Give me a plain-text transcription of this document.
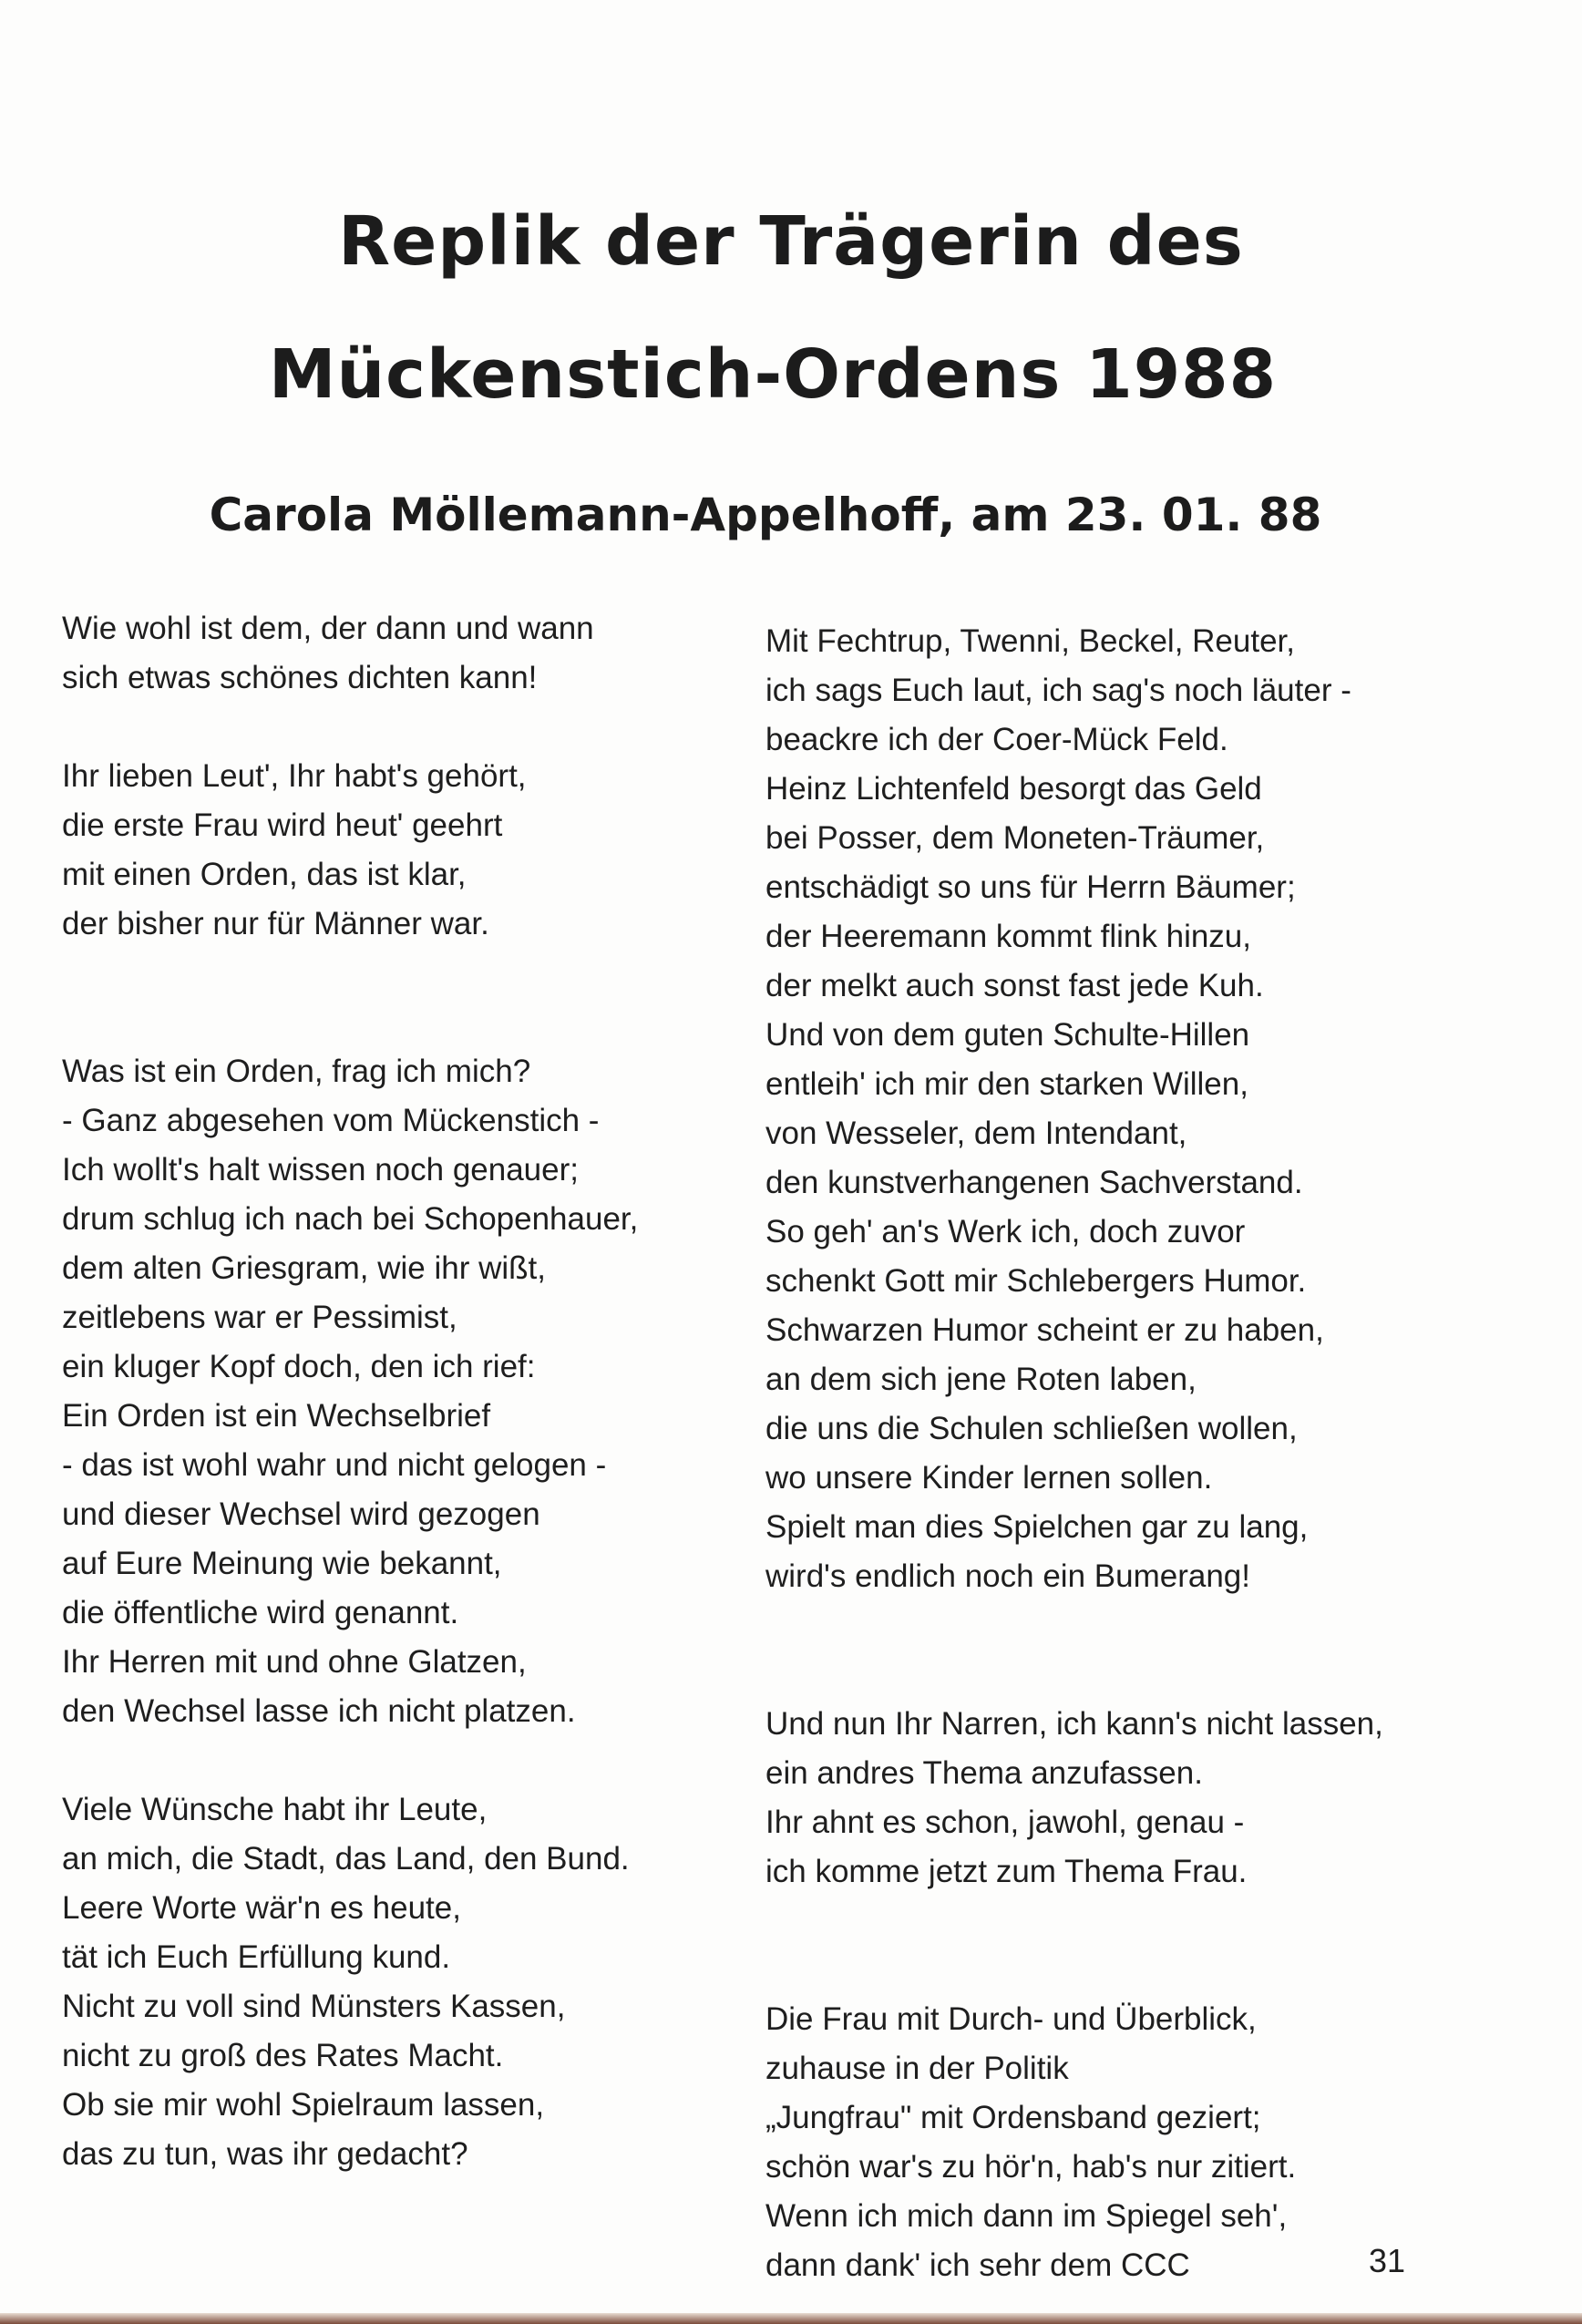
Replik der Trägerin des
Mückenstich-Ordens 1988
Carola Möllemann-Appelhoff, am 23. 01. 88
Wie wohl ist dem, der dann und wann
sich etwas schönes dichten kann!
Ihr lieben Leut', Ihr habt's gehört,
die erste Frau wird heut' geehrt
mit einen Orden, das ist klar,
der bisher nur für Männer war.
Was ist ein Orden, frag ich mich?
- Ganz abgesehen vom Mückenstich -
Ich wollt's halt wissen noch genauer;
drum schlug ich nach bei Schopenhauer,
dem alten Griesgram, wie ihr wißt,
zeitlebens war er Pessimist,
ein kluger Kopf doch, den ich rief:
Ein Orden ist ein Wechselbrief
- das ist wohl wahr und nicht gelogen -
und dieser Wechsel wird gezogen
auf Eure Meinung wie bekannt,
die öffentliche wird genannt.
Ihr Herren mit und ohne Glatzen,
den Wechsel lasse ich nicht platzen.
Viele Wünsche habt ihr Leute,
an mich, die Stadt, das Land, den Bund.
Leere Worte wär'n es heute,
tät ich Euch Erfüllung kund.
Nicht zu voll sind Münsters Kassen,
nicht zu groß des Rates Macht.
Ob sie mir wohl Spielraum lassen,
das zu tun, was ihr gedacht?
Mit Fechtrup, Twenni, Beckel, Reuter,
ich sags Euch laut, ich sag's noch läuter -
beackre ich der Coer-Mück Feld.
Heinz Lichtenfeld besorgt das Geld
bei Posser, dem Moneten-Träumer,
entschädigt so uns für Herrn Bäumer;
der Heeremann kommt flink hinzu,
der melkt auch sonst fast jede Kuh.
Und von dem guten Schulte-Hillen
entleih' ich mir den starken Willen,
von Wesseler, dem Intendant,
den kunstverhangenen Sachverstand.
So geh' an's Werk ich, doch zuvor
schenkt Gott mir Schlebergers Humor.
Schwarzen Humor scheint er zu haben,
an dem sich jene Roten laben,
die uns die Schulen schließen wollen,
wo unsere Kinder lernen sollen.
Spielt man dies Spielchen gar zu lang,
wird's endlich noch ein Bumerang!
Und nun Ihr Narren, ich kann's nicht lassen,
ein andres Thema anzufassen.
Ihr ahnt es schon, jawohl, genau -
ich komme jetzt zum Thema Frau.
Die Frau mit Durch- und Überblick,
zuhause in der Politik
„Jungfrau" mit Ordensband geziert;
schön war's zu hör'n, hab's nur zitiert.
Wenn ich mich dann im Spiegel seh',
dann dank' ich sehr dem CCC	31
